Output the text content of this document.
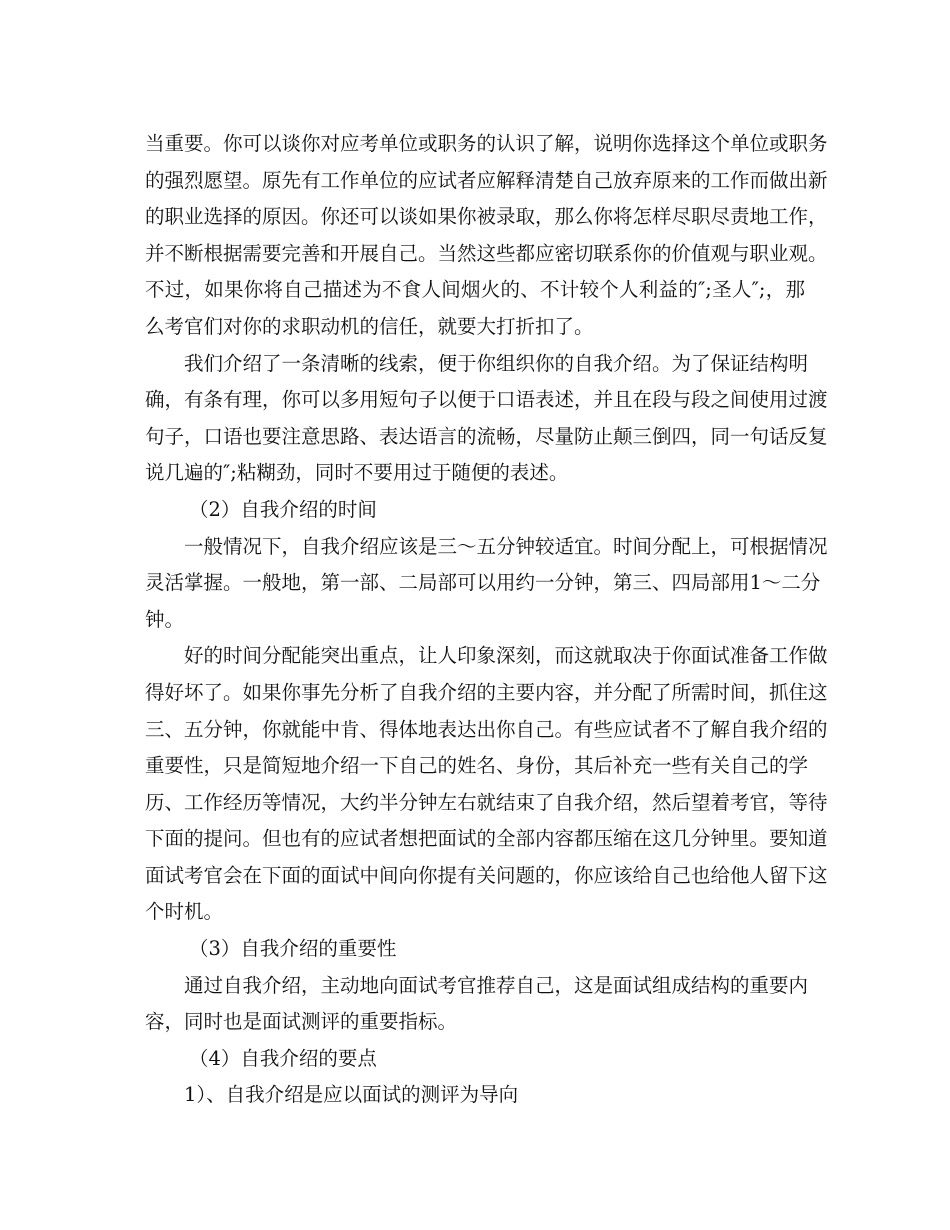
当重要。你可以谈你对应考单位或职务的认识了解，说明你选择这个单位或职务
的强烈愿望。原先有工作单位的应试者应解释清楚自己放弃原来的工作而做出新
的职业选择的原因。你还可以谈如果你被录取，那么你将怎样尽职尽责地工作，
并不断根据需要完善和开展自己。当然这些都应密切联系你的价值观与职业观。
不过，如果你将自己描述为不食人间烟火的、不计较个人利益的″;圣人″;，那
么考官们对你的求职动机的信任，就要大打折扣了。
我们介绍了一条清晰的线索，便于你组织你的自我介绍。为了保证结构明
确，有条有理，你可以多用短句子以便于口语表述，并且在段与段之间使用过渡
句子，口语也要注意思路、表达语言的流畅，尽量防止颠三倒四，同一句话反复
说几遍的″;粘糊劲，同时不要用过于随便的表述。
（2）自我介绍的时间
一般情况下，自我介绍应该是三～五分钟较适宜。时间分配上，可根据情况
灵活掌握。一般地，第一部、二局部可以用约一分钟，第三、四局部用1～二分
钟。
好的时间分配能突出重点，让人印象深刻，而这就取决于你面试准备工作做
得好坏了。如果你事先分析了自我介绍的主要内容，并分配了所需时间，抓住这
三、五分钟，你就能中肯、得体地表达出你自己。有些应试者不了解自我介绍的
重要性，只是简短地介绍一下自己的姓名、身份，其后补充一些有关自己的学
历、工作经历等情况，大约半分钟左右就结束了自我介绍，然后望着考官，等待
下面的提问。但也有的应试者想把面试的全部内容都压缩在这几分钟里。要知道
面试考官会在下面的面试中间向你提有关问题的，你应该给自己也给他人留下这
个时机。
（3）自我介绍的重要性
通过自我介绍，主动地向面试考官推荐自己，这是面试组成结构的重要内
容，同时也是面试测评的重要指标。
（4）自我介绍的要点
1）、自我介绍是应以面试的测评为导向
